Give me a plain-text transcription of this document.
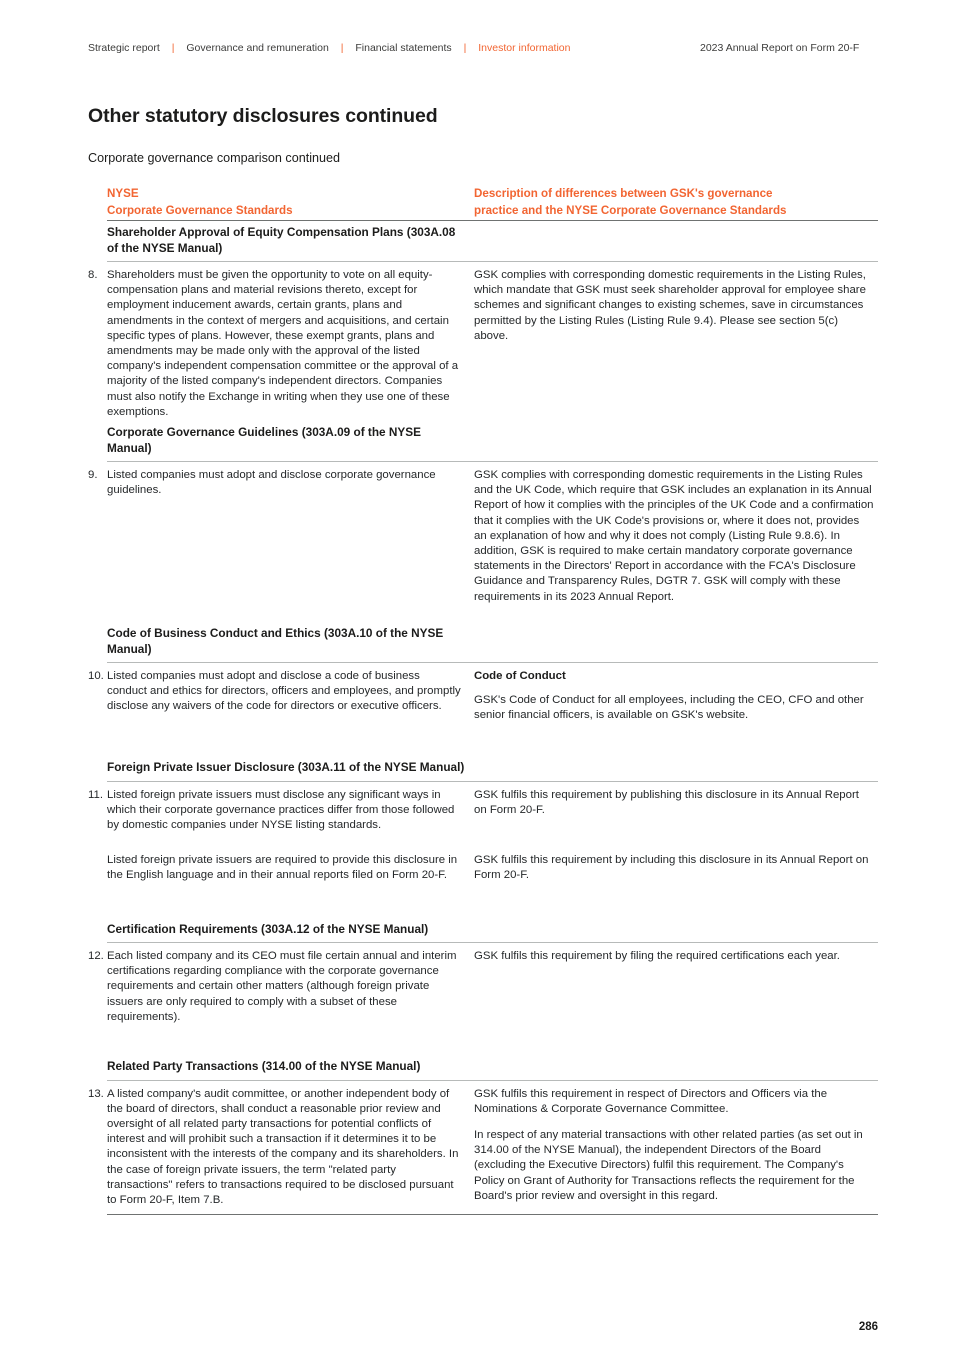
Strategic report | Governance and remuneration | Financial statements | Investor information	2023 Annual Report on Form 20-F
Other statutory disclosures continued
Corporate governance comparison continued
NYSE
Corporate Governance Standards
Description of differences between GSK's governance
practice and the NYSE Corporate Governance Standards
Shareholder Approval of Equity Compensation Plans (303A.08 of the NYSE Manual)
8. Shareholders must be given the opportunity to vote on all equity-compensation plans and material revisions thereto, except for employment inducement awards, certain grants, plans and amendments in the context of mergers and acquisitions, and certain specific types of plans. However, these exempt grants, plans and amendments may be made only with the approval of the listed company's independent compensation committee or the approval of a majority of the listed company's independent directors. Companies must also notify the Exchange in writing when they use one of these exemptions.
GSK complies with corresponding domestic requirements in the Listing Rules, which mandate that GSK must seek shareholder approval for employee share schemes and significant changes to existing schemes, save in circumstances permitted by the Listing Rules (Listing Rule 9.4). Please see section 5(c) above.
Corporate Governance Guidelines (303A.09 of the NYSE Manual)
9. Listed companies must adopt and disclose corporate governance guidelines.
GSK complies with corresponding domestic requirements in the Listing Rules and the UK Code, which require that GSK includes an explanation in its Annual Report of how it complies with the principles of the UK Code and a confirmation that it complies with the UK Code's provisions or, where it does not, provides an explanation of how and why it does not comply (Listing Rule 9.8.6). In addition, GSK is required to make certain mandatory corporate governance statements in the Directors' Report in accordance with the FCA's Disclosure Guidance and Transparency Rules, DGTR 7. GSK will comply with these requirements in its 2023 Annual Report.
Code of Business Conduct and Ethics (303A.10 of the NYSE Manual)
10. Listed companies must adopt and disclose a code of business conduct and ethics for directors, officers and employees, and promptly disclose any waivers of the code for directors or executive officers.
Code of Conduct
GSK's Code of Conduct for all employees, including the CEO, CFO and other senior financial officers, is available on GSK's website.
Foreign Private Issuer Disclosure (303A.11 of the NYSE Manual)
11. Listed foreign private issuers must disclose any significant ways in which their corporate governance practices differ from those followed by domestic companies under NYSE listing standards.
GSK fulfils this requirement by publishing this disclosure in its Annual Report on Form 20-F.
Listed foreign private issuers are required to provide this disclosure in the English language and in their annual reports filed on Form 20-F.
GSK fulfils this requirement by including this disclosure in its Annual Report on Form 20-F.
Certification Requirements (303A.12 of the NYSE Manual)
12. Each listed company and its CEO must file certain annual and interim certifications regarding compliance with the corporate governance requirements and certain other matters (although foreign private issuers are only required to comply with a subset of these requirements).
GSK fulfils this requirement by filing the required certifications each year.
Related Party Transactions (314.00 of the NYSE Manual)
13. A listed company's audit committee, or another independent body of the board of directors, shall conduct a reasonable prior review and oversight of all related party transactions for potential conflicts of interest and will prohibit such a transaction if it determines it to be inconsistent with the interests of the company and its shareholders. In the case of foreign private issuers, the term "related party transactions" refers to transactions required to be disclosed pursuant to Form 20-F, Item 7.B.

GSK fulfils this requirement in respect of Directors and Officers via the Nominations & Corporate Governance Committee.

In respect of any material transactions with other related parties (as set out in 314.00 of the NYSE Manual), the independent Directors of the Board (excluding the Executive Directors) fulfil this requirement. The Company's Policy on Grant of Authority for Transactions reflects the requirement for the Board's prior review and oversight in this regard.

286
